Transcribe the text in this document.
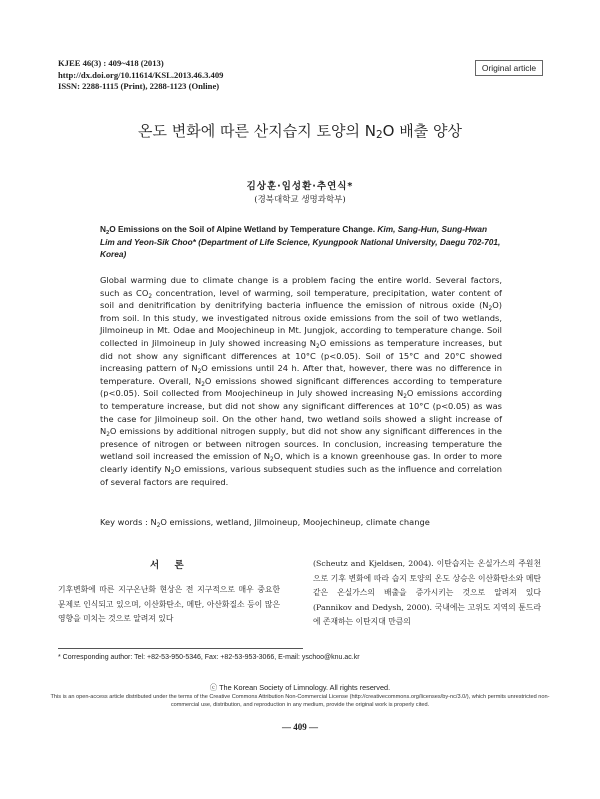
KJEE 46(3) : 409~418 (2013)
http://dx.doi.org/10.11614/KSL.2013.46.3.409
ISSN: 2288-1115 (Print), 2288-1123 (Online)
Original article
온도 변화에 따른 산지습지 토양의 $N_2O$ 배출 양상
김상훈·임성환·추연식*
(경북대학교 생명과학부)
$N_2O$ Emissions on the Soil of Alpine Wetland by Temperature Change. Kim, Sang-Hun, Sung-Hwan Lim and Yeon-Sik Choo* (Department of Life Science, Kyungpook National University, Daegu 702-701, Korea)
Global warming due to climate change is a problem facing the entire world. Several factors, such as $CO_2$ concentration, level of warming, soil temperature, precipitation, water content of soil and denitrification by denitrifying bacteria influence the emission of nitrous oxide $(N_2O)$ from soil. In this study, we investigated nitrous oxide emissions from the soil of two wetlands, Jilmoineup in Mt. Odae and Moojechineup in Mt. Jungjok, according to temperature change. Soil collected in Jilmoineup in July showed increasing $N_2O$ emissions as temperature increases, but did not show any significant differences at 10°C (p<0.05). Soil of 15°C and 20°C showed increasing pattern of $N_2O$ emissions until 24 h. After that, however, there was no difference in temperature. Overall, $N_2O$ emissions showed significant differences according to temperature (p<0.05). Soil collected from Moojechineup in July showed increasing $N_2O$ emissions according to temperature increase, but did not show any significant differences at 10°C (p<0.05) as was the case for Jilmoineup soil. On the other hand, two wetland soils showed a slight increase of $N_2O$ emissions by additional nitrogen supply, but did not show any significant differences in the presence of nitrogen or between nitrogen sources. In conclusion, increasing temperature the wetland soil increased the emission of $N_2O$, which is a known greenhouse gas. In order to more clearly identify $N_2O$ emissions, various subsequent studies such as the influence and correlation of several factors are required.
Key words : $N_2O$ emissions, wetland, Jilmoineup, Moojechineup, climate change
서 론
기후변화에 따른 지구온난화 현상은 전 지구적으로 매우 중요한 문제로 인식되고 있으며, 이산화탄소, 메탄, 아산화질소 등이 많은 영향을 미치는 것으로 알려져 있다
(Scheutz and Kjeldsen, 2004). 이탄습지는 온실가스의 주원천으로 기후 변화에 따라 습지 토양의 온도 상승은 이산화탄소와 메탄 같은 온실가스의 배출을 증가시키는 것으로 알려져 있다 (Pannikov and Dedysh, 2000). 국내에는 고위도 지역의 툰드라에 존재하는 이탄지대 만큼의
* Corresponding author: Tel: +82-53-950-5346, Fax: +82-53-953-3066, E-mail: yschoo@knu.ac.kr
ⓒ The Korean Society of Limnology. All rights reserved.
This is an open-access article distributed under the terms of the Creative Commons Attribution Non-Commercial License (http://creativecommons.org/licenses/by-nc/3.0/), which permits unrestricted non-commercial use, distribution, and reproduction in any medium, provide the original work is properly cited.
— 409 —
